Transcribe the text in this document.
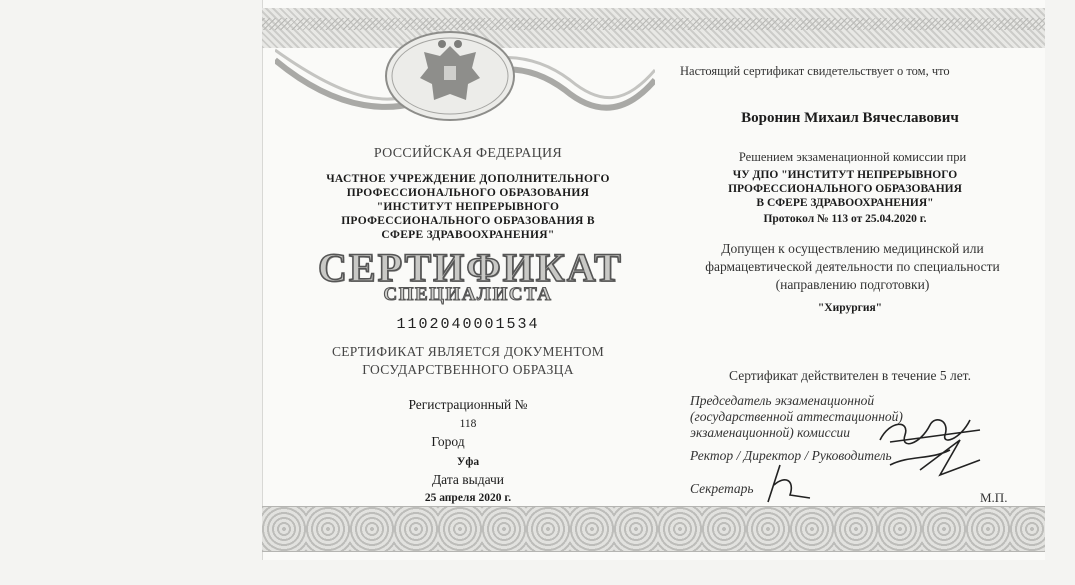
РОССИЙСКАЯ ФЕДЕРАЦИЯ
ЧАСТНОЕ УЧРЕЖДЕНИЕ ДОПОЛНИТЕЛЬНОГО
ПРОФЕССИОНАЛЬНОГО ОБРАЗОВАНИЯ
"ИНСТИТУТ НЕПРЕРЫВНОГО
ПРОФЕССИОНАЛЬНОГО ОБРАЗОВАНИЯ В
СФЕРЕ ЗДРАВООХРАНЕНИЯ"
СЕРТИФИКАТ
СПЕЦИАЛИСТА
1102040001534
СЕРТИФИКАТ ЯВЛЯЕТСЯ ДОКУМЕНТОМ
ГОСУДАРСТВЕННОГО ОБРАЗЦА
Регистрационный №
118
Город
Уфа
Дата выдачи
25 апреля 2020 г.
Настоящий сертификат свидетельствует о том, что
Воронин Михаил Вячеславович
Решением экзаменационной комиссии при
ЧУ ДПО "ИНСТИТУТ НЕПРЕРЫВНОГО
ПРОФЕССИОНАЛЬНОГО ОБРАЗОВАНИЯ
В СФЕРЕ ЗДРАВООХРАНЕНИЯ"
Протокол № 113 от 25.04.2020 г.
Допущен к осуществлению медицинской или
фармацевтической деятельности по специальности
(направлению подготовки)
"Хирургия"
Сертификат действителен в течение 5 лет.
Председатель экзаменационной
(государственной аттестационной)
экзаменационной) комиссии
Ректор / Директор / Руководитель
Секретарь
М.П.
